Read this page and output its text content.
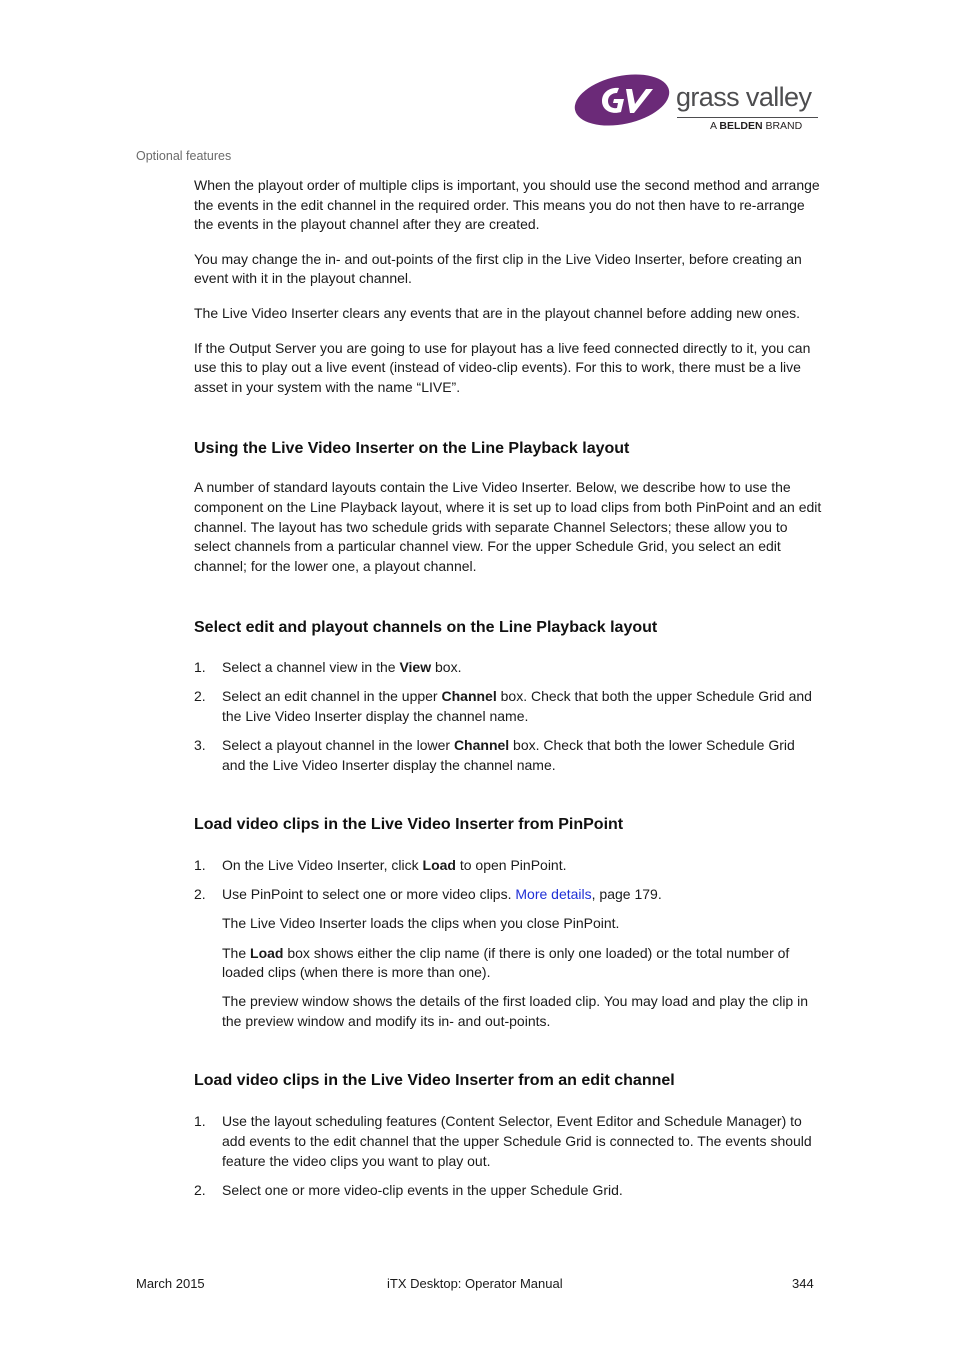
grass valley
A BELDEN BRAND
Optional features

When the playout order of multiple clips is important, you should use the second method and arrange the events in the edit channel in the required order. This means you do not then have to re-arrange the events in the playout channel after they are created.

You may change the in- and out-points of the first clip in the Live Video Inserter, before creating an event with it in the playout channel.

The Live Video Inserter clears any events that are in the playout channel before adding new ones.

If the Output Server you are going to use for playout has a live feed connected directly to it, you can use this to play out a live event (instead of video-clip events). For this to work, there must be a live asset in your system with the name “LIVE”.

Using the Live Video Inserter on the Line Playback layout

A number of standard layouts contain the Live Video Inserter. Below, we describe how to use the component on the Line Playback layout, where it is set up to load clips from both PinPoint and an edit channel. The layout has two schedule grids with separate Channel Selectors; these allow you to select channels from a particular channel view. For the upper Schedule Grid, you select an edit channel; for the lower one, a playout channel.

Select edit and playout channels on the Line Playback layout
1. Select a channel view in the View box.
2. Select an edit channel in the upper Channel box. Check that both the upper Schedule Grid and the Live Video Inserter display the channel name.
3. Select a playout channel in the lower Channel box. Check that both the lower Schedule Grid and the Live Video Inserter display the channel name.
Load video clips in the Live Video Inserter from PinPoint
1. On the Live Video Inserter, click Load to open PinPoint.
2. Use PinPoint to select one or more video clips. More details, page 179.
The Live Video Inserter loads the clips when you close PinPoint.
The Load box shows either the clip name (if there is only one loaded) or the total number of loaded clips (when there is more than one).
The preview window shows the details of the first loaded clip. You may load and play the clip in the preview window and modify its in- and out-points.
Load video clips in the Live Video Inserter from an edit channel
1. Use the layout scheduling features (Content Selector, Event Editor and Schedule Manager) to add events to the edit channel that the upper Schedule Grid is connected to. The events should feature the video clips you want to play out.
2. Select one or more video-clip events in the upper Schedule Grid.
March 2015	iTX Desktop: Operator Manual	344
